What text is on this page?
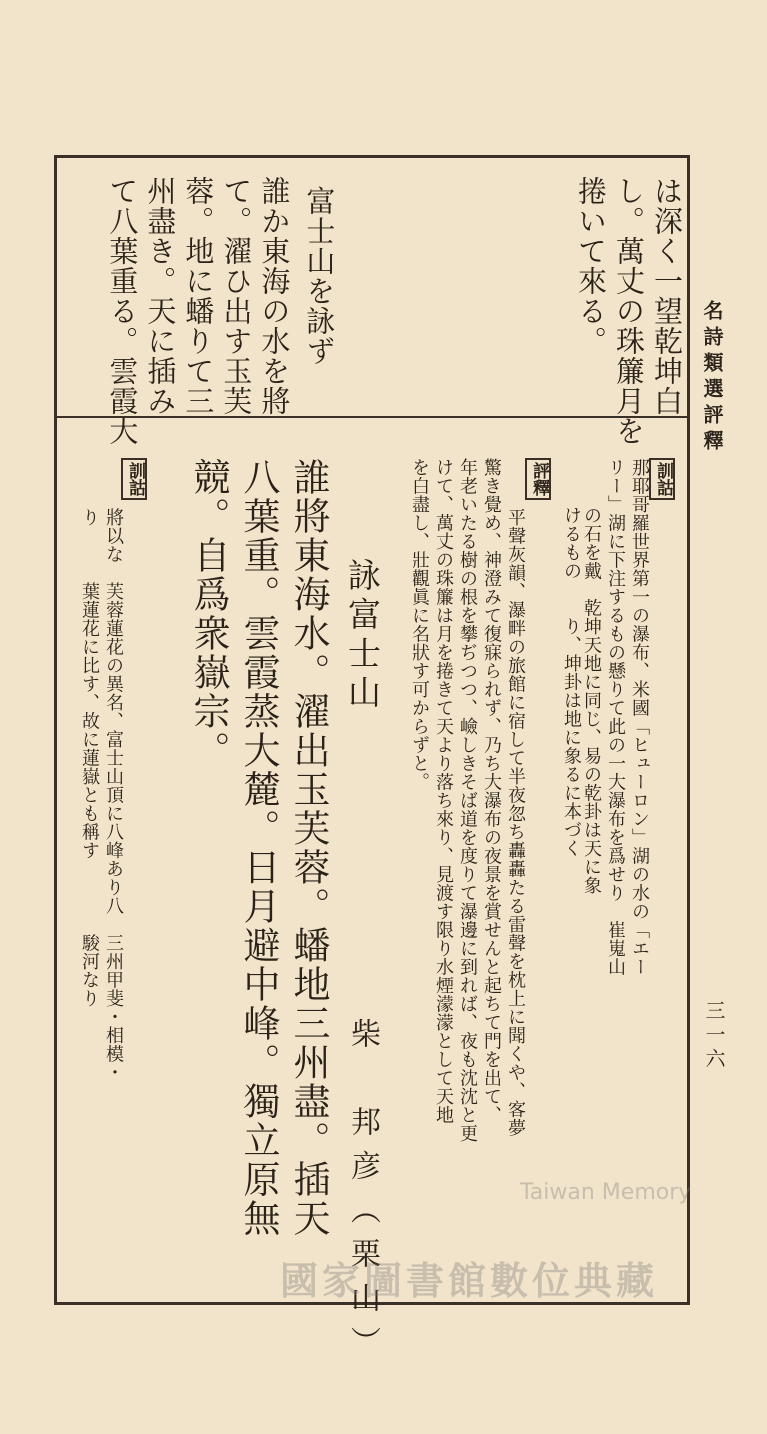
名詩類選評釋
三一六
は深く一望乾坤白
し。萬丈の珠簾月を
捲いて來る。
富士山を詠ず
誰か東海の水を將
て。濯ひ出す玉芙
蓉。地に蟠りて三
州盡き。天に插み
て八葉重る。雲霞大
訓詁
那耶哥羅世界第一の瀑布、米國「ヒューロン」湖の水の「エー
リー」湖に下注するもの懸りて此の一大瀑布を爲せり　崔嵬山
の石を戴　乾坤天地に同じ、易の乾卦は天に象
けるもの　　り、坤卦は地に象るに本づく
評釋
平聲灰韻、瀑畔の旅館に宿して半夜忽ち轟轟たる雷聲を枕上に聞くや、客夢
驚き覺め、神澄みて復寐られず、乃ち大瀑布の夜景を賞せんと起ちて門を出て、
年老いたる樹の根を攀ぢつつ、嶮しきそば道を度りて瀑邊に到れば、夜も沈沈と更
けて、萬丈の珠簾は月を捲きて天より落ち來り、見渡す限り水煙濛濛として天地
を白盡し、壯觀眞に名狀す可からずと。
詠富士山
柴　邦彦（栗山）
誰將東海水。濯出玉芙蓉。蟠地三州盡。插天
八葉重。雲霞蒸大麓。日月避中峰。獨立原無
競。自爲衆嶽宗。
訓詁
將以な　芙蓉蓮花の異名、富士山頂に八峰あり八　三州甲斐・相模・
り　　　葉蓮花に比す、故に蓮嶽とも稱す　　　　駿河なり
Taiwan Memory
國家圖書館數位典藏
